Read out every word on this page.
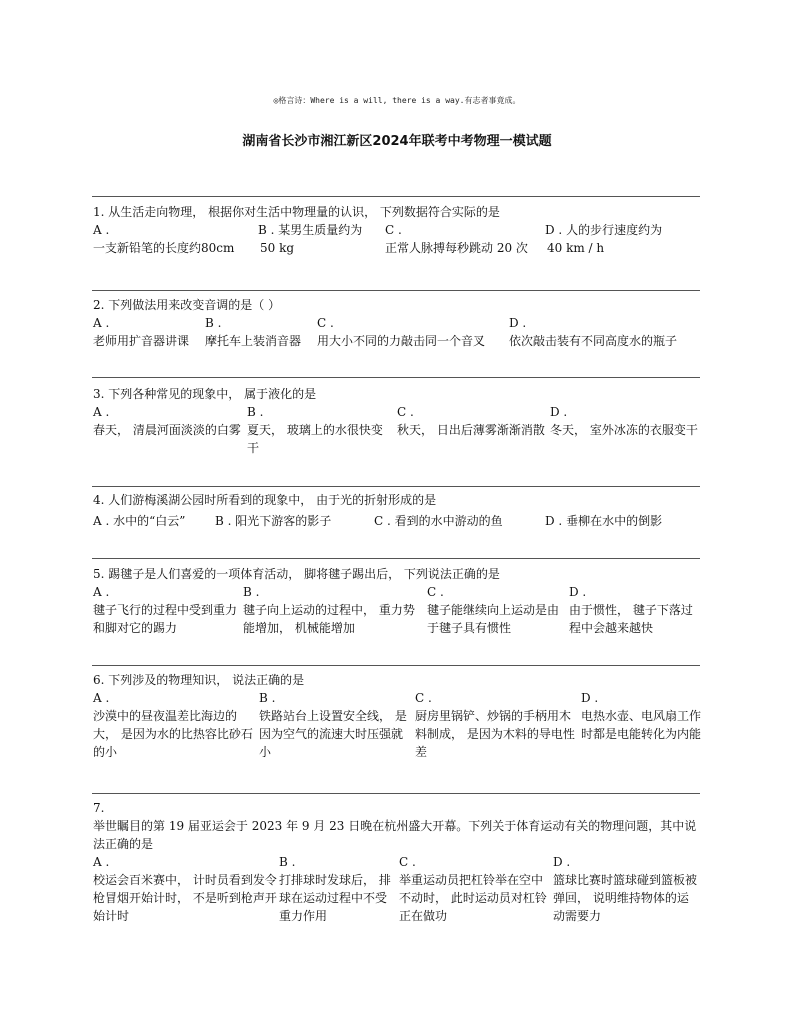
◎格言诗：Where is a will, there is a way.有志者事竟成。
湖南省长沙市湘江新区2024年联考中考物理一模试题
1. 从生活走向物理， 根据你对生活中物理量的认识， 下列数据符合实际的是
A .
一支新铅笔的长度约80cm
B . 某男生质量约为
50 kg
C .
正常人脉搏每秒跳动 20 次
D . 人的步行速度约为
40 km / h
2. 下列做法用来改变音调的是（ ）
A .
老师用扩音器讲课
B .
摩托车上装消音器
C .
用大小不同的力敲击同一个音叉
D .
依次敲击装有不同高度水的瓶子
3. 下列各种常见的现象中， 属于液化的是
A .
春天， 清晨河面淡淡的白雾
B .
夏天， 玻璃上的水很快变干
C .
秋天， 日出后薄雾渐渐消散
D .
冬天， 室外冰冻的衣服变干
4. 人们游梅溪湖公园时所看到的现象中， 由于光的折射形成的是
A . 水中的“白云” B . 阳光下游客的影子	C . 看到的水中游动的鱼	D . 垂柳在水中的倒影
5. 踢毽子是人们喜爱的一项体育活动， 脚将毽子踢出后， 下列说法正确的是
A .
毽子飞行的过程中受到重力和脚对它的踢力
B .
毽子向上运动的过程中， 重力势能增加， 机械能增加
C .
毽子能继续向上运动是由于毽子具有惯性
D .
由于惯性， 毽子下落过程中会越来越快
6. 下列涉及的物理知识， 说法正确的是
A .
沙漠中的昼夜温差比海边的大， 是因为水的比热容比砂石的小
B .
铁路站台上设置安全线， 是因为空气的流速大时压强就小
C .
厨房里锅铲、炒锅的手柄用木料制成， 是因为木料的导电性差
D .
电热水壶、电风扇工作时都是电能转化为内能
7.
举世瞩目的第 19 届亚运会于 2023 年 9 月 23 日晚在杭州盛大开幕。下列关于体育运动有关的物理问题，其中说法正确的是
A .
校运会百米赛中， 计时员看到发令枪冒烟开始计时， 不是听到枪声开始计时
B .
打排球时发球后， 排球在运动过程中不受重力作用
C .
举重运动员把杠铃举在空中不动时， 此时运动员对杠铃正在做功
D .
篮球比赛时篮球碰到篮板被弹回， 说明维持物体的运动需要力
